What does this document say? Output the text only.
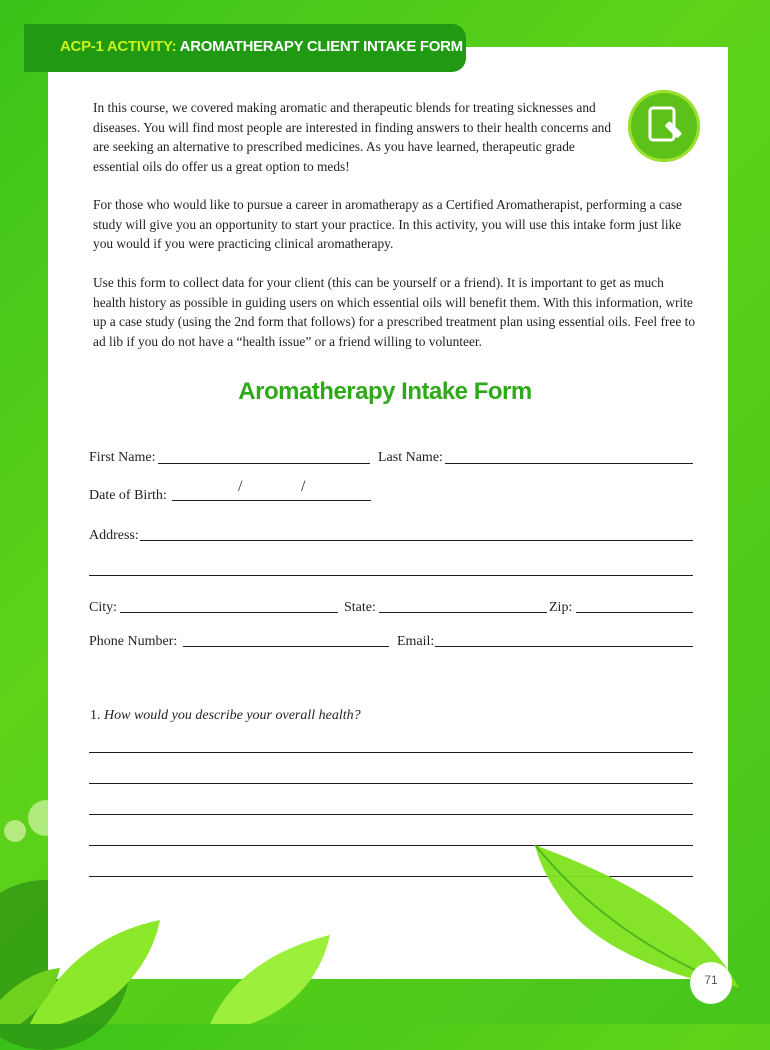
ACP-1 ACTIVITY: AROMATHERAPY CLIENT INTAKE FORM

In this course, we covered making aromatic and therapeutic blends for treating sicknesses and diseases. You will find most people are interested in finding answers to their health concerns and are seeking an alternative to prescribed medicines. As you have learned, therapeutic grade essential oils do offer us a great option to meds!

For those who would like to pursue a career in aromatherapy as a Certified Aromatherapist, performing a case study will give you an opportunity to start your practice. In this activity, you will use this intake form just like you would if you were practicing clinical aromatherapy.

Use this form to collect data for your client (this can be yourself or a friend). It is important to get as much health history as possible in guiding users on which essential oils will benefit them. With this information, write up a case study (using the 2nd form that follows) for a prescribed treatment plan using essential oils. Feel free to ad lib if you do not have a “health issue” or a friend willing to volunteer.

Aromatherapy Intake Form
First Name:	Last Name:
Date of Birth:
/	/
Address:
City:	State:	Zip:
Phone Number:	Email:
1. How would you describe your overall health?
71
